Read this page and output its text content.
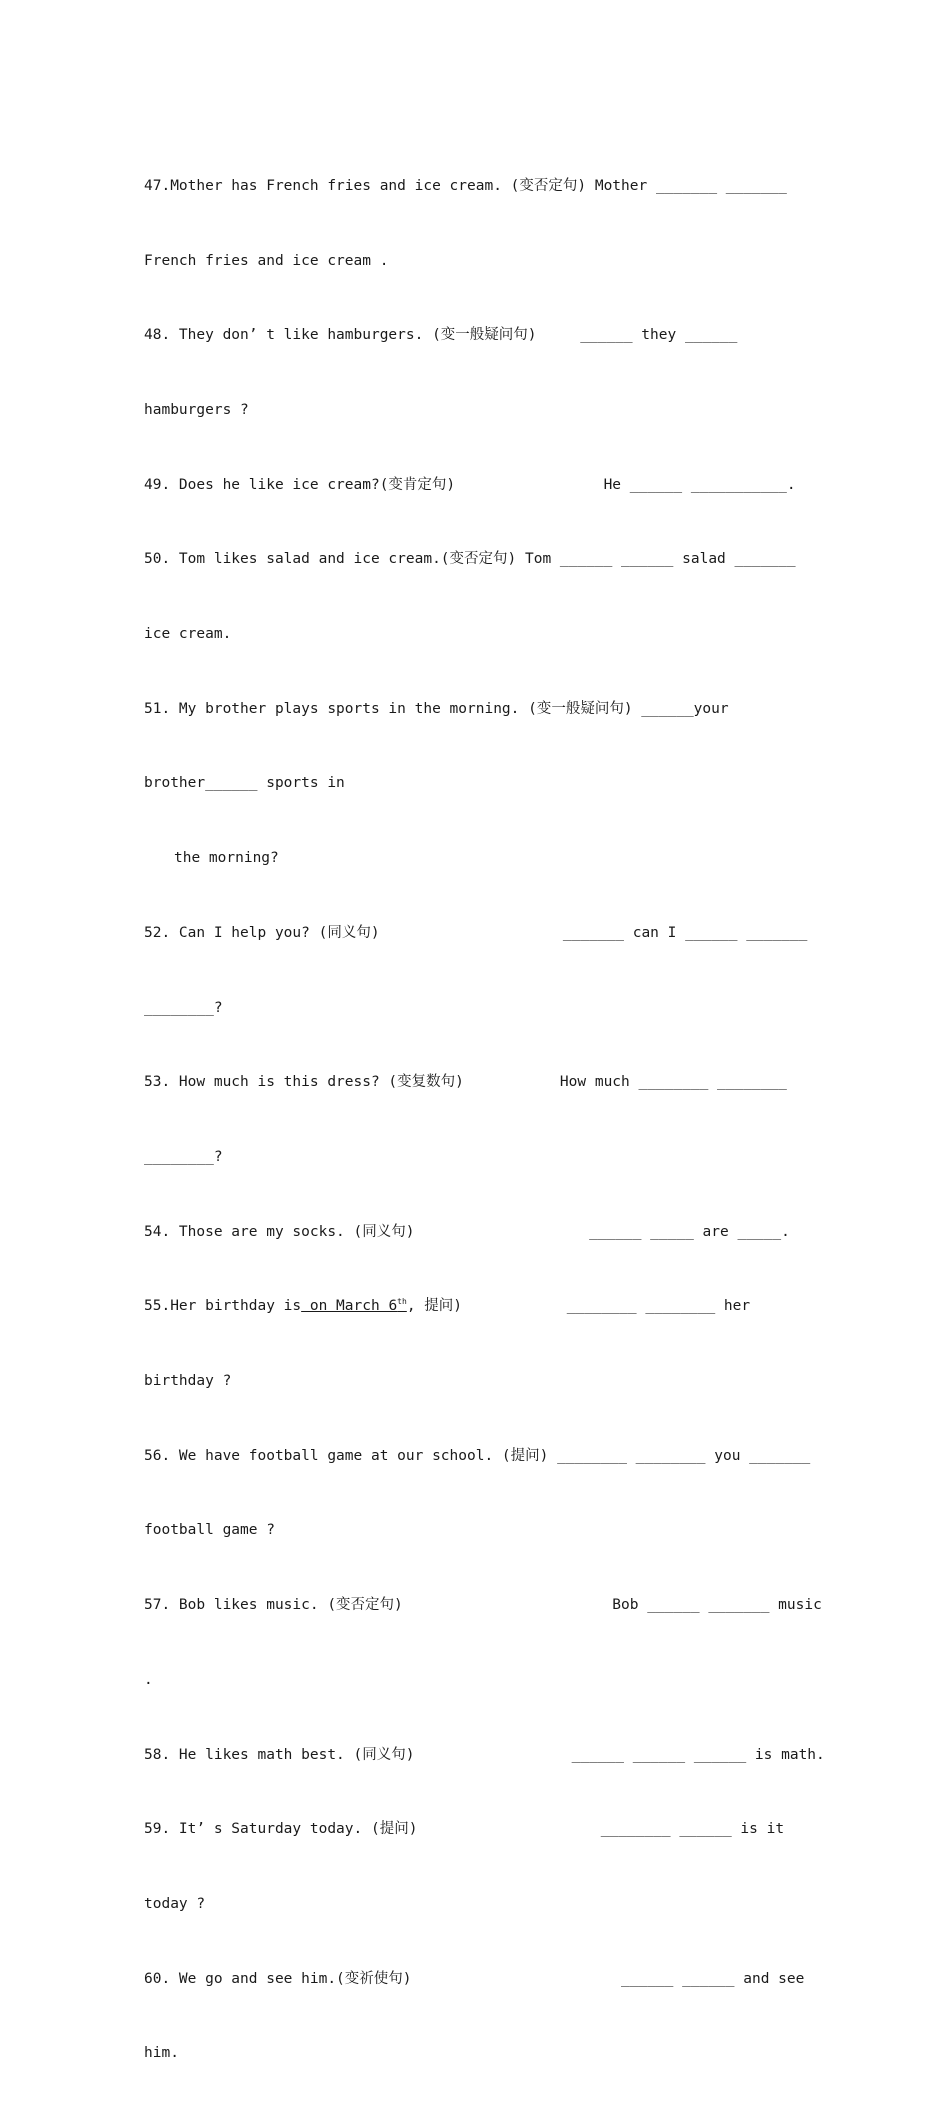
47.Mother has French fries and ice cream. (变否定句) Mother _______ _______

French fries and ice cream .

48. They don’ t like hamburgers. (变一般疑问句)     ______ they ______

hamburgers ?

49. Does he like ice cream?(变肯定句)                 He ______ ___________.

50. Tom likes salad and ice cream.(变否定句) Tom ______ ______ salad _______

ice cream.

51. My brother plays sports in the morning. (变一般疑问句) ______your

brother______ sports in

the morning?

52. Can I help you? (同义句)                     _______ can I ______ _______

________?

53. How much is this dress? (变复数句)           How much ________ ________

________?

54. Those are my socks. (同义句)                    ______ _____ are _____.

55.Her birthday is on March 6th, 提问)	________ ________ her

birthday ?

56. We have football game at our school. (提问) ________ ________ you _______

football game ?

57. Bob likes music. (变否定句)                        Bob ______ _______ music

.

58. He likes math best. (同义句)                  ______ ______ ______ is math.

59. It’ s Saturday today. (提问)                     ________ ______ is it

today ?

60. We go and see him.(变祈使句)                        ______ ______ and see

him.
